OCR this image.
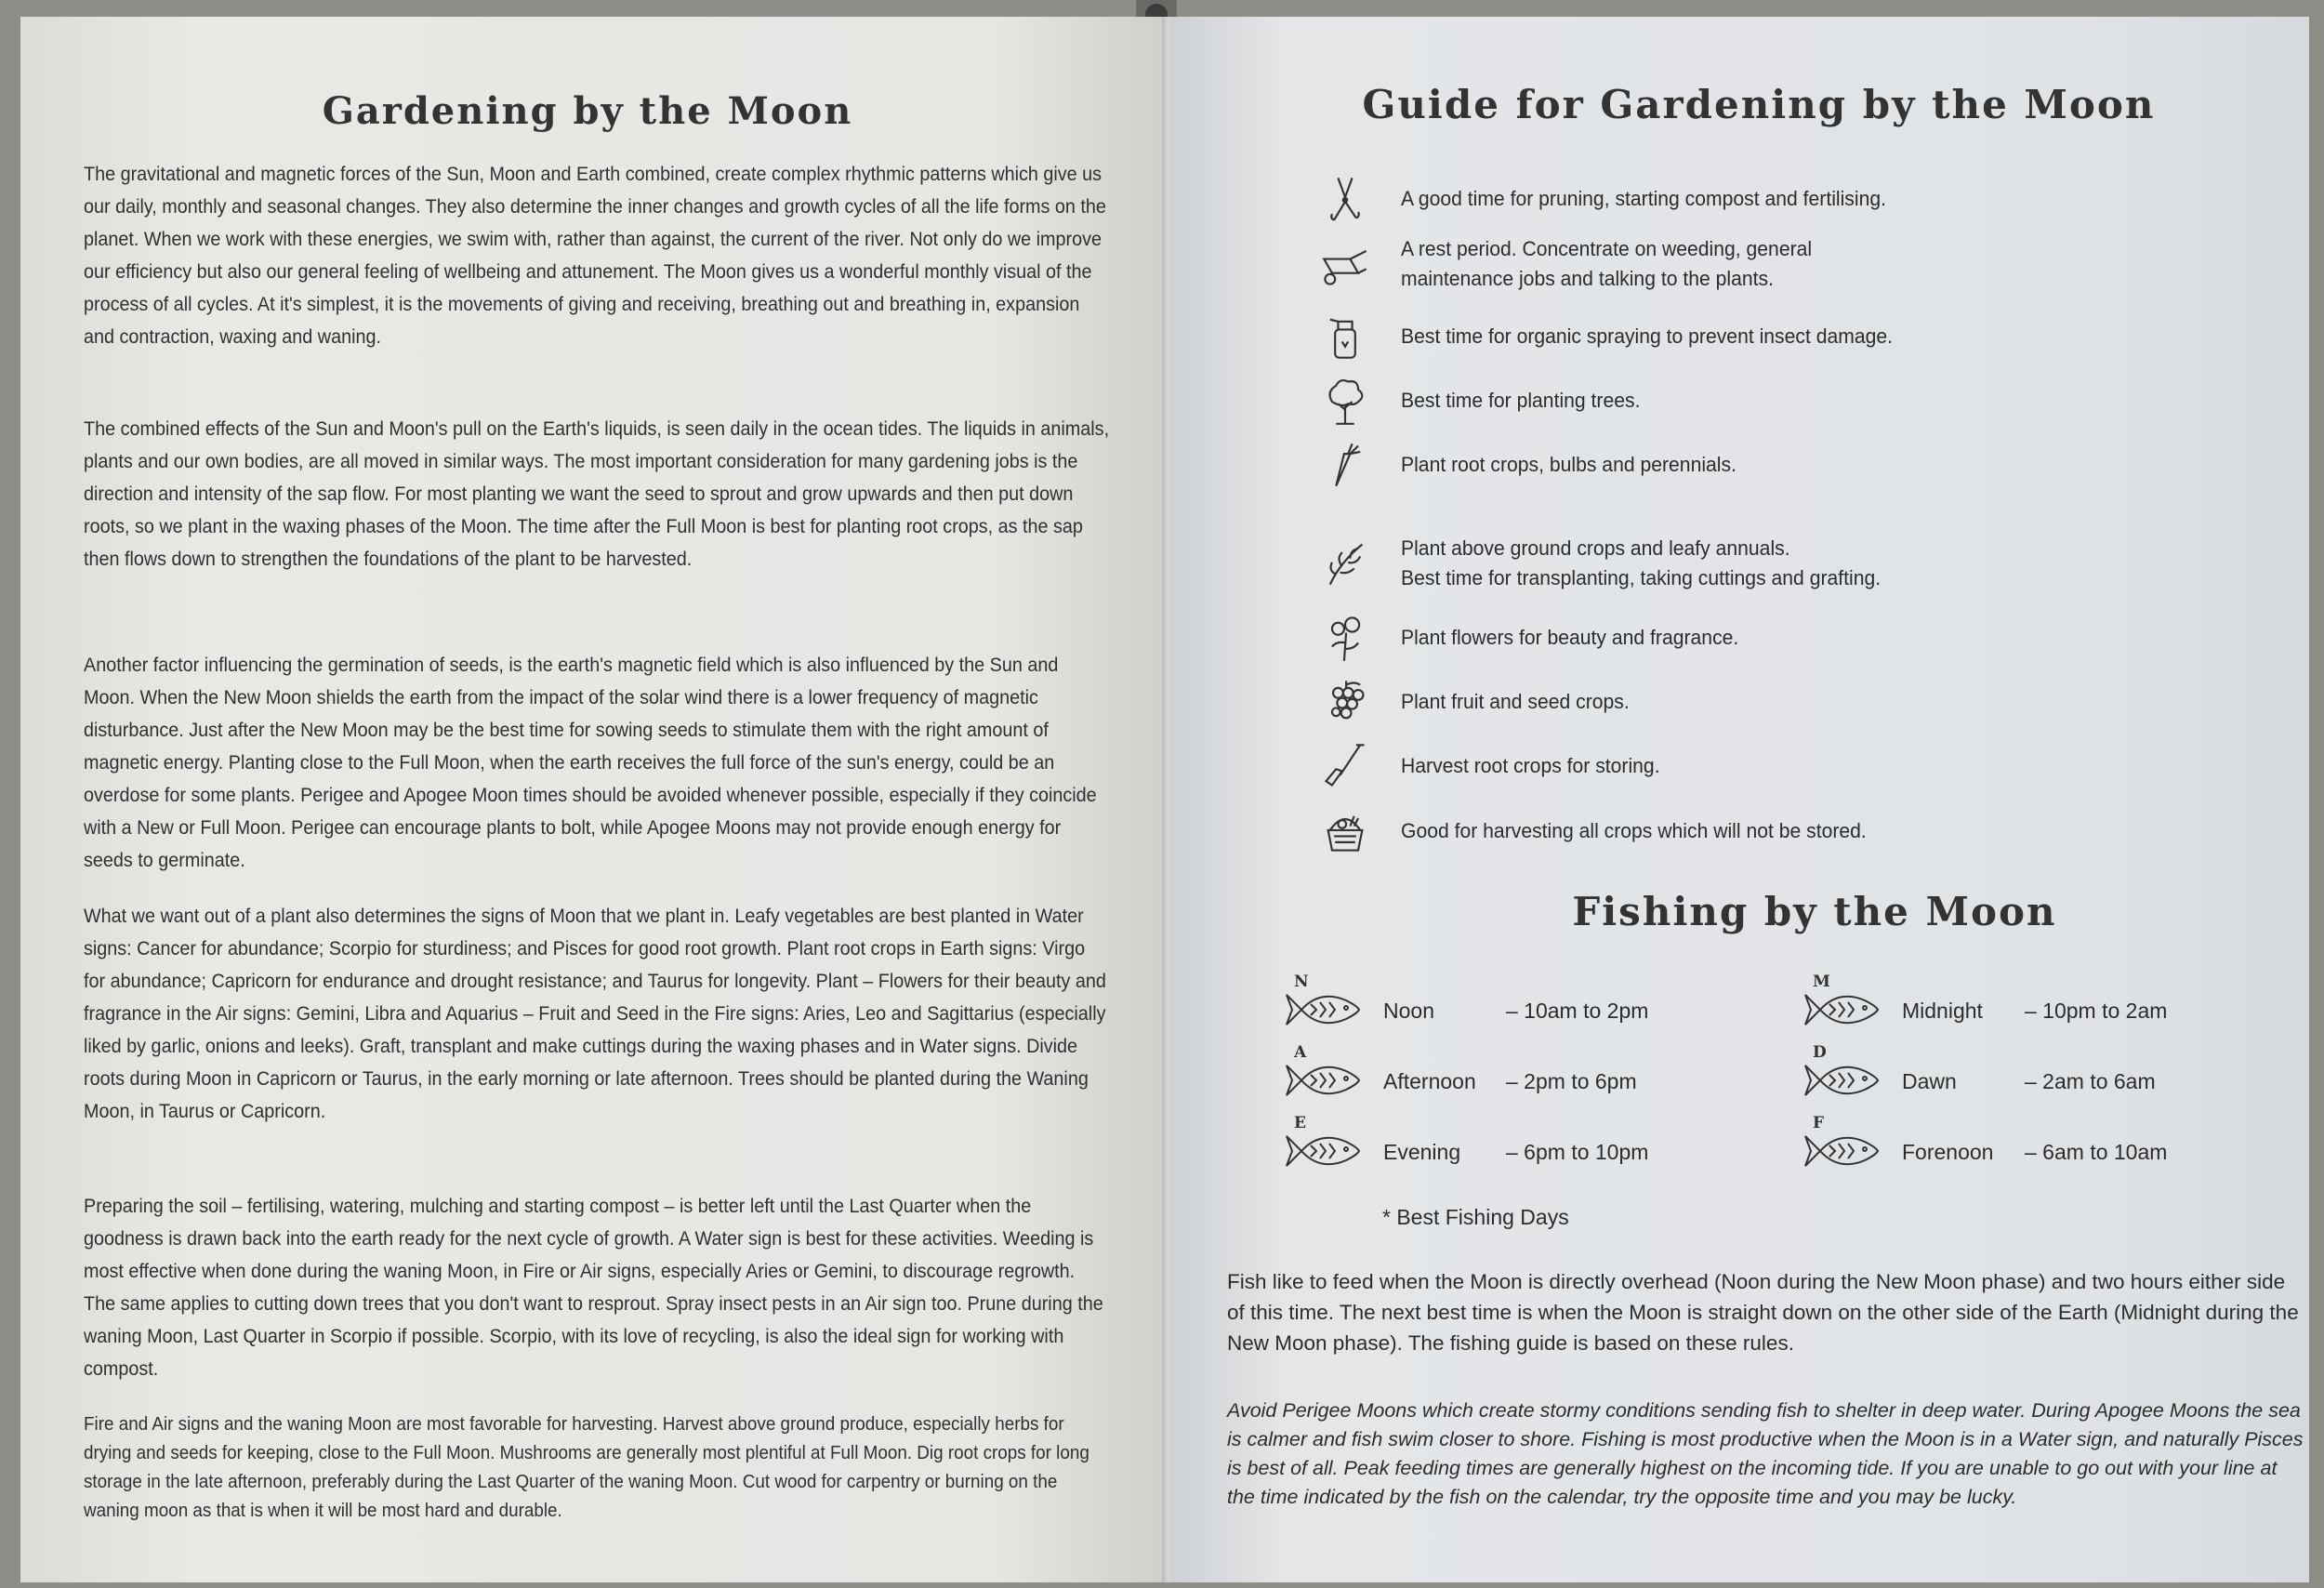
Gardening by the Moon

The gravitational and magnetic forces of the Sun, Moon and Earth combined, create complex rhythmic patterns which give us our daily, monthly and seasonal changes. They also determine the inner changes and growth cycles of all the life forms on the planet. When we work with these energies, we swim with, rather than against, the current of the river. Not only do we improve our efficiency but also our general feeling of wellbeing and attunement. The Moon gives us a wonderful monthly visual of the process of all cycles. At it's simplest, it is the movements of giving and receiving, breathing out and breathing in, expansion and contraction, waxing and waning.

The combined effects of the Sun and Moon's pull on the Earth's liquids, is seen daily in the ocean tides. The liquids in animals, plants and our own bodies, are all moved in similar ways. The most important consideration for many gardening jobs is the direction and intensity of the sap flow. For most planting we want the seed to sprout and grow upwards and then put down roots, so we plant in the waxing phases of the Moon. The time after the Full Moon is best for planting root crops, as the sap then flows down to strengthen the foundations of the plant to be harvested.

Another factor influencing the germination of seeds, is the earth's magnetic field which is also influenced by the Sun and Moon. When the New Moon shields the earth from the impact of the solar wind there is a lower frequency of magnetic disturbance. Just after the New Moon may be the best time for sowing seeds to stimulate them with the right amount of magnetic energy. Planting close to the Full Moon, when the earth receives the full force of the sun's energy, could be an overdose for some plants. Perigee and Apogee Moon times should be avoided whenever possible, especially if they coincide with a New or Full Moon. Perigee can encourage plants to bolt, while Apogee Moons may not provide enough energy for seeds to germinate.

What we want out of a plant also determines the signs of Moon that we plant in. Leafy vegetables are best planted in Water signs: Cancer for abundance; Scorpio for sturdiness; and Pisces for good root growth. Plant root crops in Earth signs: Virgo for abundance; Capricorn for endurance and drought resistance; and Taurus for longevity. Plant – Flowers for their beauty and fragrance in the Air signs: Gemini, Libra and Aquarius – Fruit and Seed in the Fire signs: Aries, Leo and Sagittarius (especially liked by garlic, onions and leeks). Graft, transplant and make cuttings during the waxing phases and in Water signs. Divide roots during Moon in Capricorn or Taurus, in the early morning or late afternoon. Trees should be planted during the Waning Moon, in Taurus or Capricorn.

Preparing the soil – fertilising, watering, mulching and starting compost – is better left until the Last Quarter when the goodness is drawn back into the earth ready for the next cycle of growth. A Water sign is best for these activities. Weeding is most effective when done during the waning Moon, in Fire or Air signs, especially Aries or Gemini, to discourage regrowth. The same applies to cutting down trees that you don't want to resprout. Spray insect pests in an Air sign too. Prune during the waning Moon, Last Quarter in Scorpio if possible. Scorpio, with its love of recycling, is also the ideal sign for working with compost.

Fire and Air signs and the waning Moon are most favorable for harvesting. Harvest above ground produce, especially herbs for drying and seeds for keeping, close to the Full Moon. Mushrooms are generally most plentiful at Full Moon. Dig root crops for long storage in the late afternoon, preferably during the Last Quarter of the waning Moon. Cut wood for carpentry or burning on the waning moon as that is when it will be most hard and durable.

Guide for Gardening by the Moon
A good time for pruning, starting compost and fertilising.
A rest period. Concentrate on weeding, general
maintenance jobs and talking to the plants.
Best time for organic spraying to prevent insect damage.
Best time for planting trees.
Plant root crops, bulbs and perennials.
Plant above ground crops and leafy annuals.
Best time for transplanting, taking cuttings and grafting.
Plant flowers for beauty and fragrance.
Plant fruit and seed crops.
Harvest root crops for storing.
Good for harvesting all crops which will not be stored.
Fishing by the Moon
N
Noon	– 10am to 2pm
A
Afternoon – 2pm to 6pm
E
Evening – 6pm to 10pm
M
Midnight – 10pm to 2am
D
Dawn	– 2am to 6am
F
Forenoon – 6am to 10am
* Best Fishing Days

Fish like to feed when the Moon is directly overhead (Noon during the New Moon phase) and two hours either side of this time. The next best time is when the Moon is straight down on the other side of the Earth (Midnight during the New Moon phase). The fishing guide is based on these rules.

Avoid Perigee Moons which create stormy conditions sending fish to shelter in deep water. During Apogee Moons the sea is calmer and fish swim closer to shore. Fishing is most productive when the Moon is in a Water sign, and naturally Pisces is best of all. Peak feeding times are generally highest on the incoming tide. If you are unable to go out with your line at the time indicated by the fish on the calendar, try the opposite time and you may be lucky.
